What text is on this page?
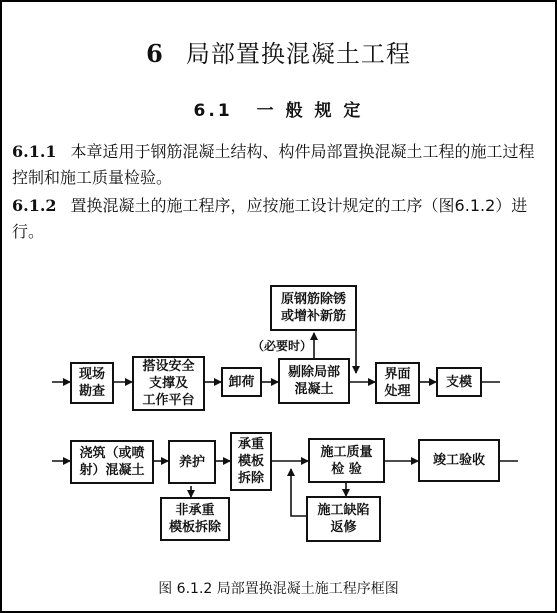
6 局部置换混凝土工程
6.1 一 般 规 定
6.1.1 本章适用于钢筋混凝土结构、构件局部置换混凝土工程的施工过程控制和施工质量检验。
6.1.2 置换混凝土的施工程序，应按施工设计规定的工序（图6.1.2）进行。
现场
勘查
搭设安全
支撑及
工作平台
卸荷
剔除局部
混凝土
原钢筋除锈
或增补新筋
（必要时）
界面
处理
支模
浇筑（或喷
射）混凝土
养护
非承重
模板拆除
承重
模板
拆除
施工质量
检 验
施工缺陷
返修
竣工验收
图 6.1.2 局部置换混凝土施工程序框图
